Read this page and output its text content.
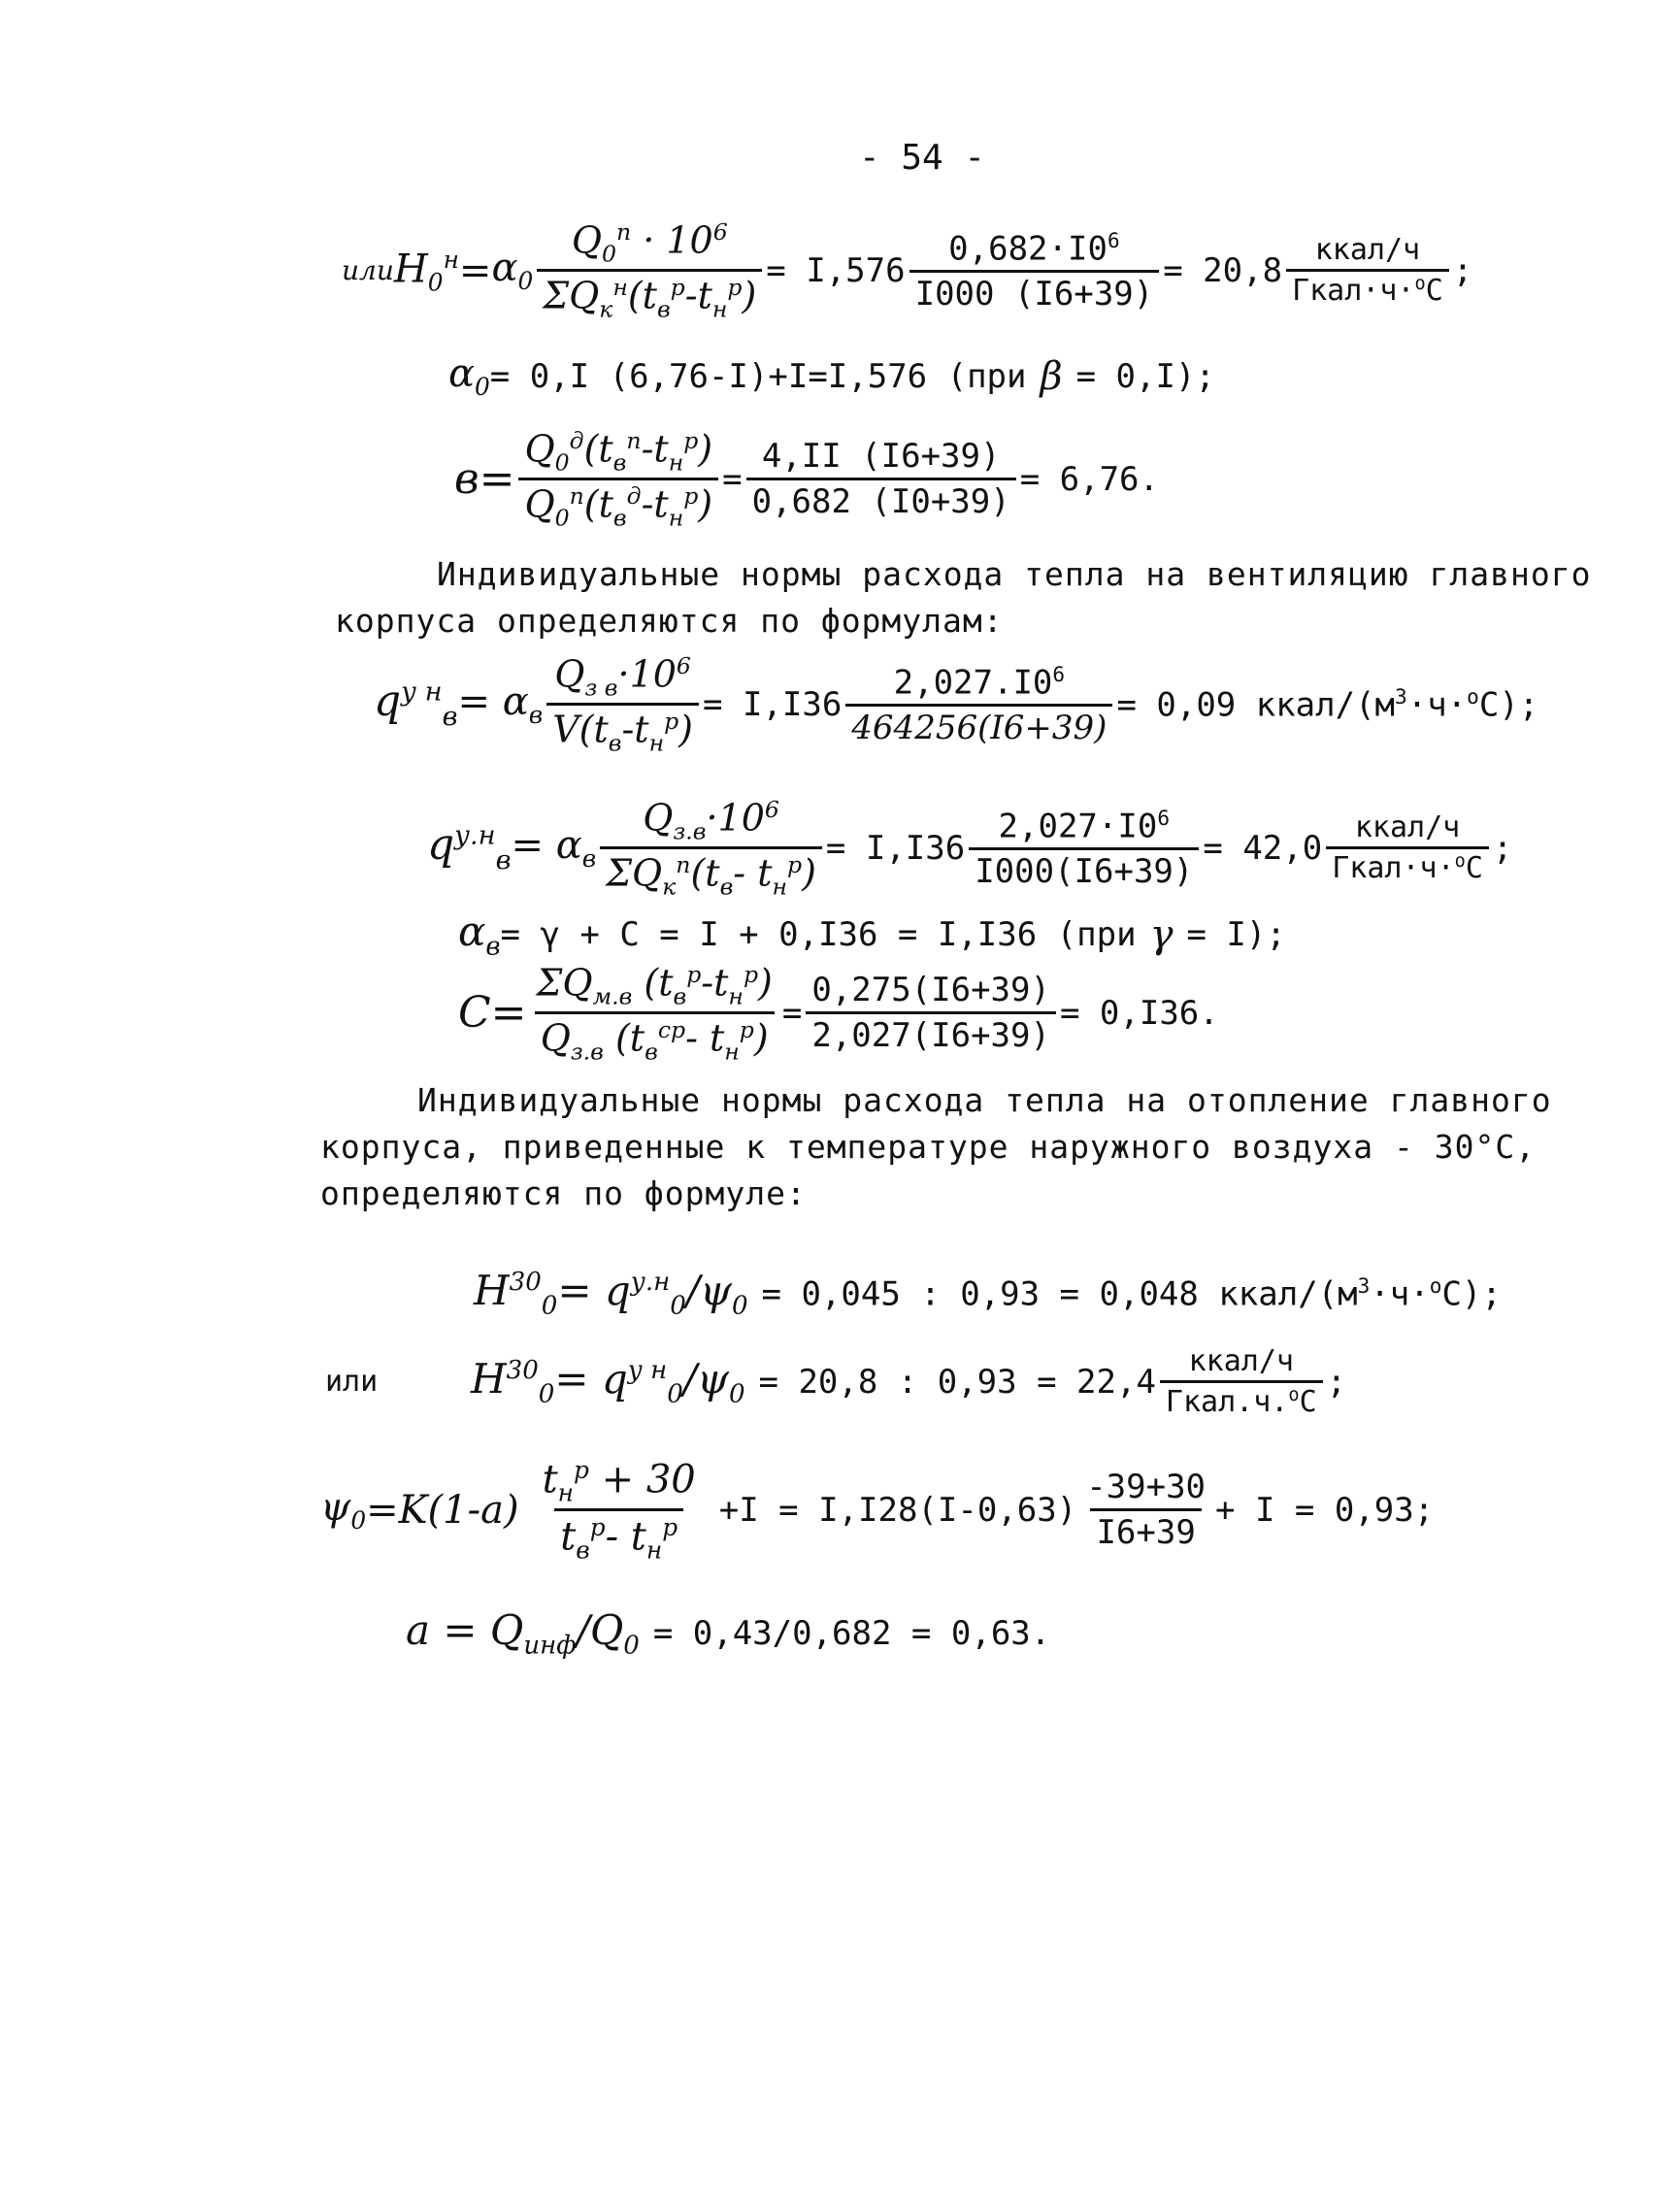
- 54 -
или $H_0^н = \alpha_0 \frac{Q_0^п \cdot 10^6}{\Sigma Q_к^н(t_в^р-t_н^р)} = I,576 \frac{0,682\cdot I0^6}{I000 (I6+39)} = 20,8 \frac{\text{ккал/ч}}{Гкал\cdot ч\cdot^оС}$ ;
$\alpha_0 = 0,I$ (6,76-I)+I=I,576 (при β = 0,I);
$в = \frac{Q_0^д(t_в^п-t_н^р)}{Q_0^п(t_в^д-t_н^р)} = \frac{4,II (I6+39)}{0,682 (I0+39)} = 6,76$.
Индивидуальные нормы расхода тепла на вентиляцию главного корпуса определяются по формулам:
$q^{у н}_в = \alpha_в \frac{Q_{з в}\cdot 10^6}{V(t_в-t_н^р)} = I,I36 \frac{2,027.I0^6}{464256(I6+39)} = 0,09$ ккал/$(м^3\cdot ч\cdot^оС)$;
$q^{у.н}_в = \alpha_в \frac{Q_{з.в}\cdot 10^6}{\Sigma Q_к^п(t_в- t_н^р)} = I,I36 \frac{2,027\cdot I0^6}{I000(I6+39)} = 42,0 \frac{\text{ккал/ч}}{Гкал\cdot ч\cdot^оС}$ ;
$\alpha_в = \gamma + C = I + 0,I36 = I,I36$ (при γ = I);
$C = \frac{\Sigma Q_{м.в} (t_в^р-t_н^р)}{Q_{з.в} (t_в^{ср}- t_н^р)} = \frac{0,275(I6+39)}{2,027(I6+39)} = 0,I36$.
Индивидуальные нормы расхода тепла на отопление главного корпуса, приведенные к температуре наружного воздуха - 30°С, определяются по формуле:
$H^{30}_0 = q^{у.н}_0/\psi_0 = 0,045$ : 0,93 = 0,048 ккал/$(м^3\cdot ч\cdot^оС)$;
или	$H^{30}_0 = q^{у н}_0/\psi_0 = 20,8$ : $0,93 = 22,4 \frac{\text{ккал/ч}}{Гкал.ч.^оС}$ ;
$\psi_0 =K(1-a) \frac{t_н^р + 30}{t_в^р- t_н^р} +I = I,I28(I-0,63) \frac{-39+30}{I6+39} + I = 0,93$;
$a = Q_{инф}/Q_0 = 0,43/0,682 = 0,63$.
